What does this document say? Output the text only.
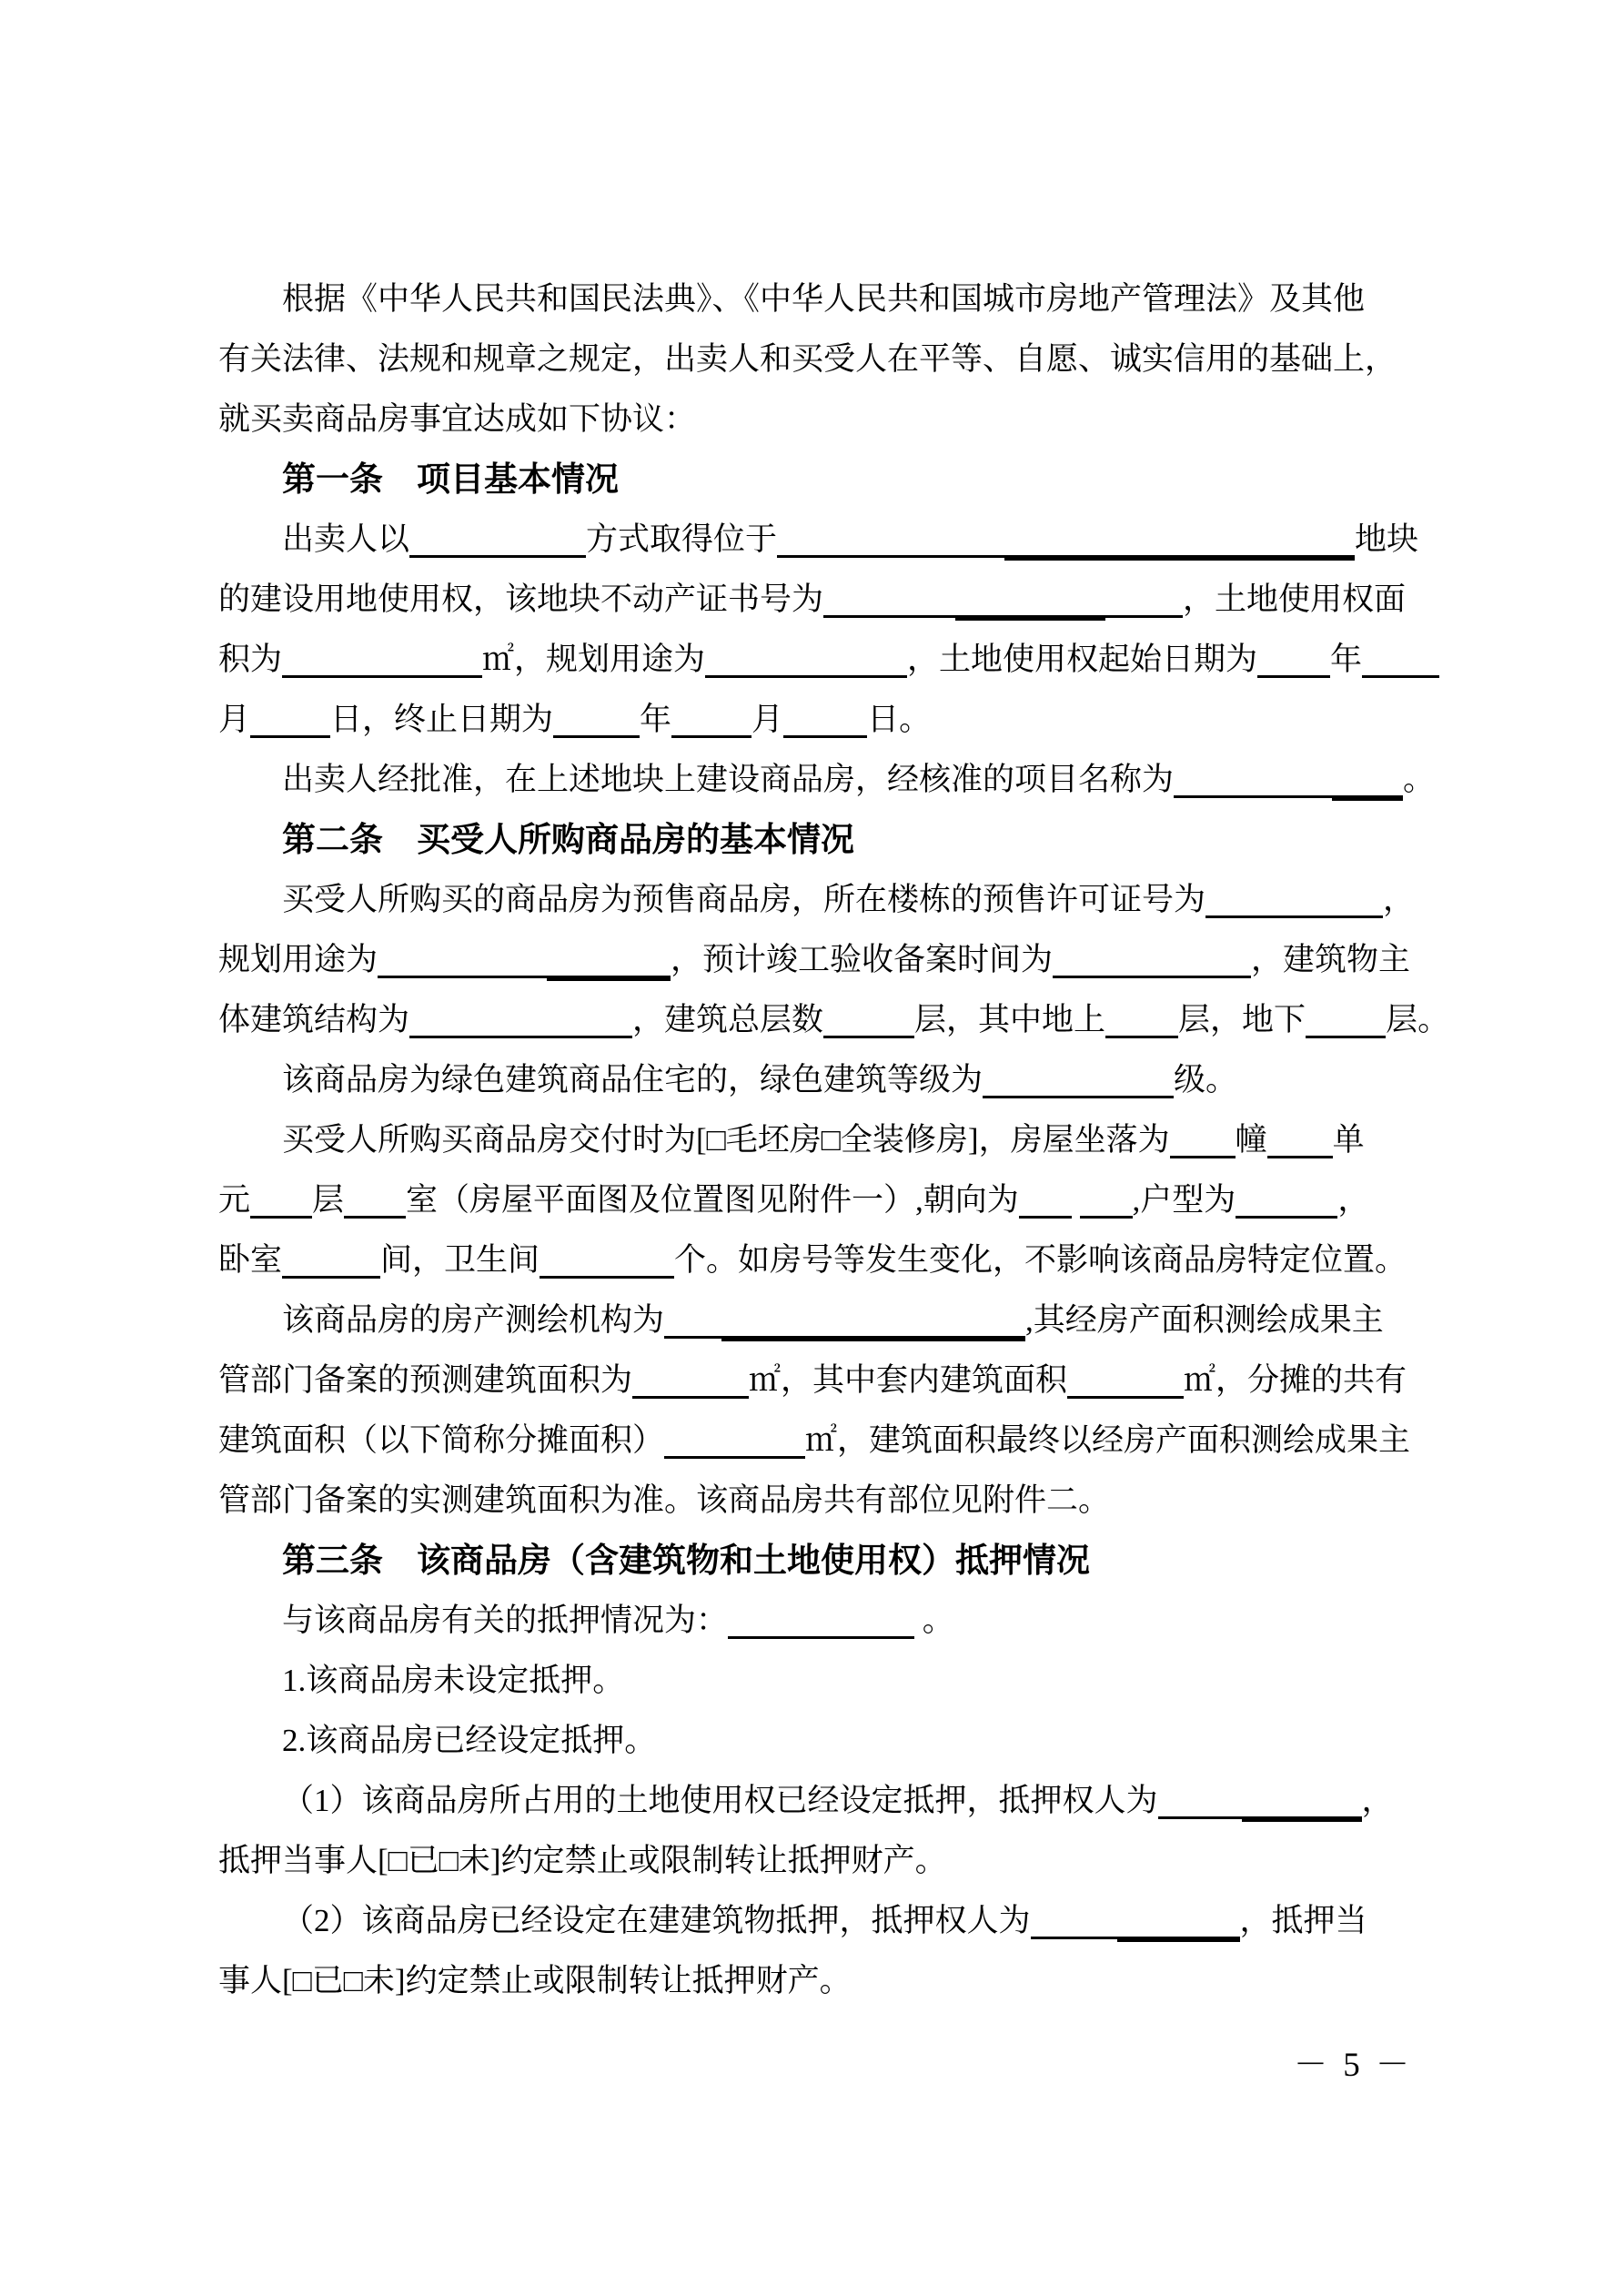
根据《中华人民共和国民法典》、《中华人民共和国城市房地产管理法》及其他
有关法律、法规和规章之规定，出卖人和买受人在平等、自愿、诚实信用的基础上，
就买卖商品房事宜达成如下协议：
第一条　项目基本情况
出卖人以	方式取得位于	地块
的建设用地使用权，该地块不动产证书号为	，土地使用权面
积为	㎡，规划用途为	，土地使用权起始日期为 年
月	日，终止日期为	年	月	日。
出卖人经批准，在上述地块上建设商品房，经核准的项目名称为	。
第二条　买受人所购商品房的基本情况
买受人所购买的商品房为预售商品房，所在楼栋的预售许可证号为	，
规划用途为	，预计竣工验收备案时间为	，建筑物主
体建筑结构为	，建筑总层数	层，其中地上 层，地下	层。
该商品房为绿色建筑商品住宅的，绿色建筑等级为	级。
买受人所购买商品房交付时为[□毛坯房□全装修房]，房屋坐落为 幢 单
元 层 室（房屋平面图及位置图见附件一）,朝向为	,户型为	，
卧室	间，卫生间	个。如房号等发生变化，不影响该商品房特定位置。
该商品房的房产测绘机构为	,其经房产面积测绘成果主
管部门备案的预测建筑面积为	㎡，其中套内建筑面积	㎡，分摊的共有
建筑面积（以下简称分摊面积）	㎡，建筑面积最终以经房产面积测绘成果主
管部门备案的实测建筑面积为准。该商品房共有部位见附件二。
第三条　该商品房（含建筑物和土地使用权）抵押情况
与该商品房有关的抵押情况为：	。
1.该商品房未设定抵押。
2.该商品房已经设定抵押。
（1）该商品房所占用的土地使用权已经设定抵押，抵押权人为	，
抵押当事人[□已□未]约定禁止或限制转让抵押财产。
（2）该商品房已经设定在建建筑物抵押，抵押权人为	，抵押当
事人[□已□未]约定禁止或限制转让抵押财产。
－ 5 －
